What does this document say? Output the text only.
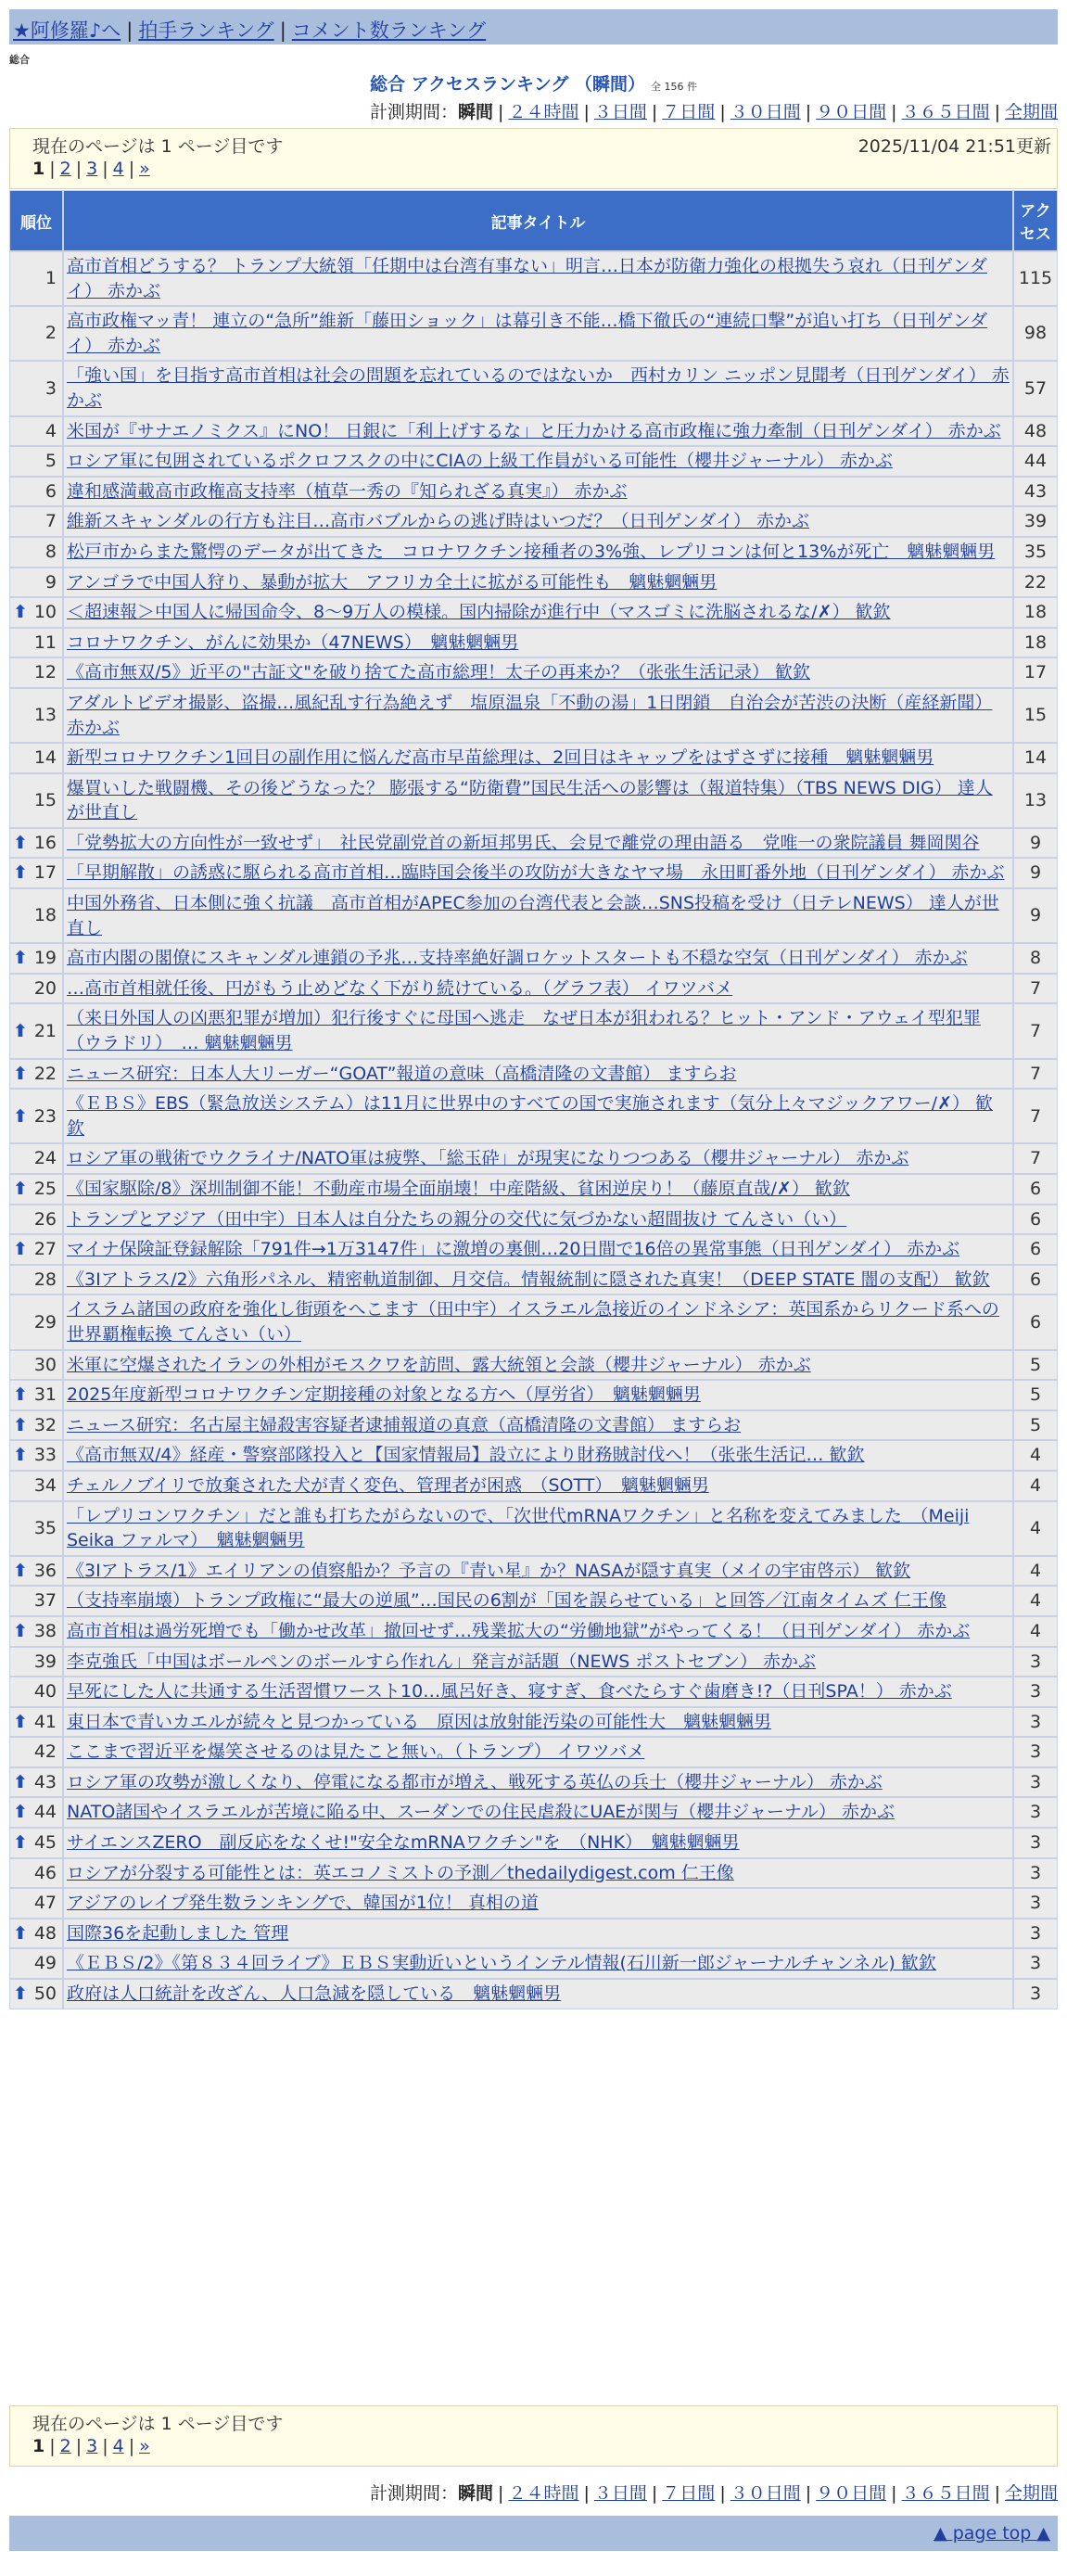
★阿修羅♪へ | 拍手ランキング | コメント数ランキング
総合
総合 アクセスランキング （瞬間） 全 156 件
計測期間：瞬間 | ２４時間 | ３日間 | ７日間 | ３０日間 | ９０日間 | ３６５日間 | 全期間
現在のページは 1 ページ目です	2025/11/04 21:51更新
1 | 2 | 3 | 4 | »
順位	記事タイトル	アクセス
1	高市首相どうする？ トランプ大統領「任期中は台湾有事ない」明言…日本が防衛力強化の根拠失う哀れ（日刊ゲンダイ） 赤かぶ	115
2	高市政権マッ青！ 連立の“急所”維新「藤田ショック」は幕引き不能…橋下徹氏の“連続口撃”が追い打ち（日刊ゲンダイ） 赤かぶ	98
3	「強い国」を目指す高市首相は社会の問題を忘れているのではないか　西村カリン ニッポン見聞考（日刊ゲンダイ） 赤かぶ	57
4	米国が『サナエノミクス』にNO！ 日銀に「利上げするな」と圧力かける高市政権に強力牽制（日刊ゲンダイ） 赤かぶ	48
5	ロシア軍に包囲されているポクロフスクの中にCIAの上級工作員がいる可能性（櫻井ジャーナル） 赤かぶ	44
6	違和感満載高市政権高支持率（植草一秀の『知られざる真実』） 赤かぶ	43
7	維新スキャンダルの行方も注目…高市バブルからの逃げ時はいつだ？（日刊ゲンダイ） 赤かぶ	39
8	松戸市からまた驚愕のデータが出てきた　コロナワクチン接種者の3%強、レプリコンは何と13%が死亡　魑魅魍魎男	35
9	アンゴラで中国人狩り、暴動が拡大　アフリカ全土に拡がる可能性も　魑魅魍魎男	22

⬆ 10	＜超速報＞中国人に帰国命令、8〜9万人の模様。国内掃除が進行中（マスゴミに洗脳されるな/✗） 歓欽	18
11	コロナワクチン、がんに効果か（47NEWS）　魑魅魍魎男	18
12	《高市無双/5》近平の"古証文"を破り捨てた高市総理！太子の再来か？（张张生活记录） 歓欽	17
13	アダルトビデオ撮影、盗撮…風紀乱す行為絶えず　塩原温泉「不動の湯」1日閉鎖　自治会が苦渋の決断（産経新聞） 赤かぶ	15
14	新型コロナワクチン1回目の副作用に悩んだ高市早苗総理は、2回目はキャップをはずさずに接種　魑魅魍魎男	14
15	爆買いした戦闘機、その後どうなった？ 膨張する“防衛費”国民生活への影響は（報道特集）（TBS NEWS DIG） 達人が世直し	13

⬆ 16	「党勢拡大の方向性が一致せず」　社民党副党首の新垣邦男氏、会見で離党の理由語る　党唯一の衆院議員 舞岡関谷	9

⬆ 17	「早期解散」の誘惑に駆られる高市首相…臨時国会後半の攻防が大きなヤマ場　永田町番外地（日刊ゲンダイ） 赤かぶ	9
18	中国外務省、日本側に強く抗議　高市首相がAPEC参加の台湾代表と会談…SNS投稿を受け（日テレNEWS） 達人が世直し	9

⬆ 19	高市内閣の閣僚にスキャンダル連鎖の予兆…支持率絶好調ロケットスタートも不穏な空気（日刊ゲンダイ） 赤かぶ	8
20	…高市首相就任後、円がもう止めどなく下がり続けている。（グラフ表） イワツバメ	7

⬆ 21	（来日外国人の凶悪犯罪が増加）犯行後すぐに母国へ逃走　なぜ日本が狙われる？ヒット・アンド・アウェイ型犯罪（ウラドリ）　… 魑魅魍魎男	7

⬆ 22	ニュース研究：日本人大リーガー“GOAT”報道の意味（高橋清隆の文書館） ますらお	7

⬆ 23	《ＥＢＳ》EBS（緊急放送システム）は11月に世界中のすべての国で実施されます（気分上々マジックアワー/✗） 歓欽	7
24	ロシア軍の戦術でウクライナ/NATO軍は疲弊、「総玉砕」が現実になりつつある（櫻井ジャーナル） 赤かぶ	7

⬆ 25	《国家駆除/8》深圳制御不能！不動産市場全面崩壊！中産階級、貧困逆戻り！（藤原直哉/✗） 歓欽	6
26	トランプとアジア（田中宇）日本人は自分たちの親分の交代に気づかない超間抜け てんさい（い）	6

⬆ 27	マイナ保険証登録解除「791件→1万3147件」に激増の裏側…20日間で16倍の異常事態（日刊ゲンダイ） 赤かぶ	6
28	《3Iアトラス/2》六角形パネル、精密軌道制御、月交信。情報統制に隠された真実！（DEEP STATE 闇の支配） 歓欽	6
29	イスラム諸国の政府を強化し街頭をへこます（田中宇）イスラエル急接近のインドネシア：英国系からリクード系への世界覇権転換 てんさい（い）	6
30	米軍に空爆されたイランの外相がモスクワを訪問、露大統領と会談（櫻井ジャーナル） 赤かぶ	5

⬆ 31	2025年度新型コロナワクチン定期接種の対象となる方へ（厚労省）　魑魅魍魎男	5

⬆ 32	ニュース研究：名古屋主婦殺害容疑者逮捕報道の真意（高橋清隆の文書館） ますらお	5

⬆ 33	《高市無双/4》経産・警察部隊投入と【国家情報局】設立により財務賊討伐へ！（张张生活记… 歓欽	4
34	チェルノブイリで放棄された犬が青く変色、管理者が困惑　（SOTT）　魑魅魍魎男	4
35	「レプリコンワクチン」だと誰も打ちたがらないので、「次世代mRNAワクチン」と名称を変えてみました　（Meiji Seika ファルマ）　魑魅魍魎男	4

⬆ 36	《3Iアトラス/1》エイリアンの偵察船か？予言の『青い星』か？NASAが隠す真実（メイの宇宙啓示） 歓欽	4
37	（支持率崩壊）トランプ政権に“最大の逆風”…国民の6割が「国を誤らせている」と回答／江南タイムズ 仁王像	4

⬆ 38	高市首相は過労死増でも「働かせ改革」撤回せず…残業拡大の“労働地獄”がやってくる！（日刊ゲンダイ） 赤かぶ	4
39	李克強氏「中国はボールペンのボールすら作れん」発言が話題（NEWS ポストセブン） 赤かぶ	3
40	早死にした人に共通する生活習慣ワースト10…風呂好き、寝すぎ、食べたらすぐ歯磨き!?（日刊SPA！） 赤かぶ	3

⬆ 41	東日本で青いカエルが続々と見つかっている　原因は放射能汚染の可能性大　魑魅魍魎男	3
42	ここまで習近平を爆笑させるのは見たこと無い。（トランプ） イワツバメ	3

⬆ 43	ロシア軍の攻勢が激しくなり、停電になる都市が増え、戦死する英仏の兵士（櫻井ジャーナル） 赤かぶ	3

⬆ 44	NATO諸国やイスラエルが苦境に陥る中、スーダンでの住民虐殺にUAEが関与（櫻井ジャーナル） 赤かぶ	3

⬆ 45	サイエンスZERO　副反応をなくせ!"安全なmRNAワクチン"を　（NHK）　魑魅魍魎男	3
46	ロシアが分裂する可能性とは：英エコノミストの予測／thedailydigest.com 仁王像	3
47	アジアのレイプ発生数ランキングで、韓国が1位！ 真相の道	3

⬆ 48	国際36を起動しました 管理	3
49	《ＥＢＳ/2》《第８３４回ライブ》ＥＢＳ実動近いというインテル情報(石川新一郎ジャーナルチャンネル) 歓欽	3

⬆ 50	政府は人口統計を改ざん、人口急減を隠している　魑魅魍魎男	3
現在のページは 1 ページ目です
1 | 2 | 3 | 4 | »
計測期間：瞬間 | ２４時間 | ３日間 | ７日間 | ３０日間 | ９０日間 | ３６５日間 | 全期間
▲ page top ▲
